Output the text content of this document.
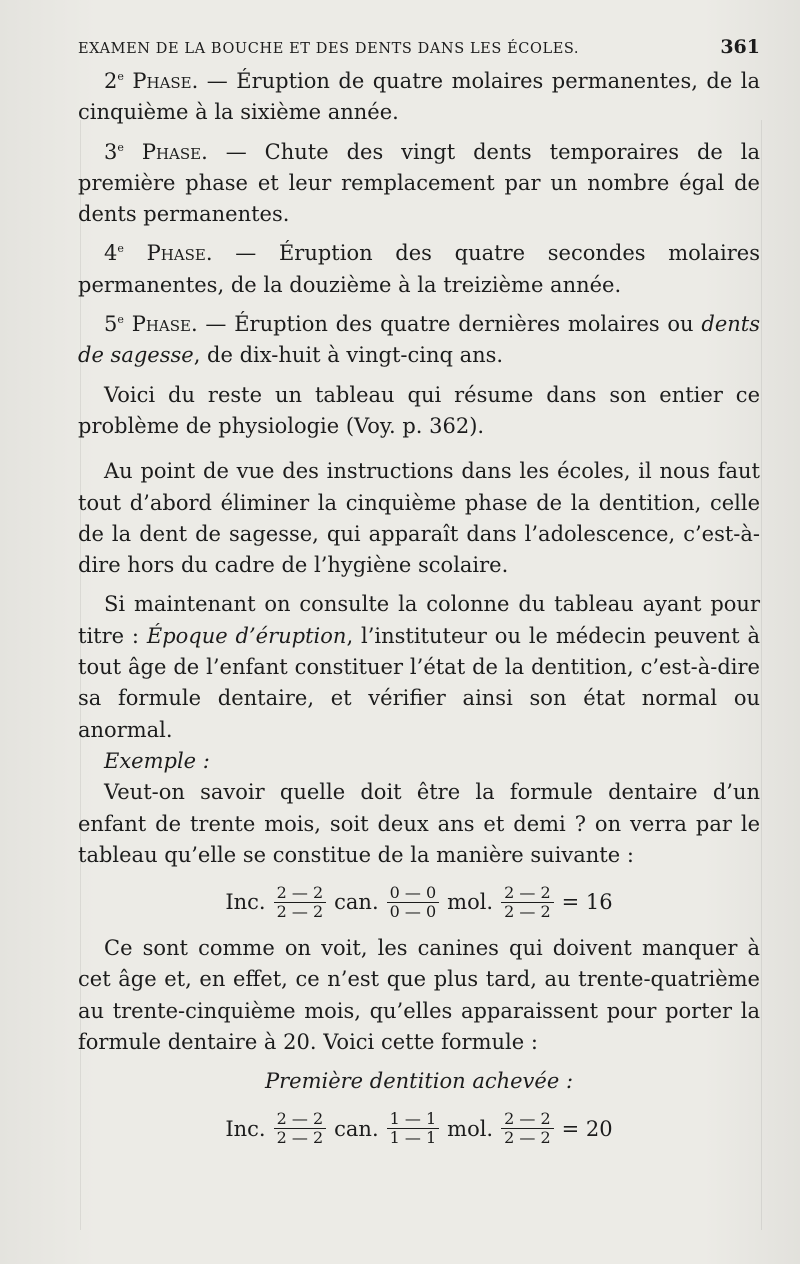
EXAMEN DE LA BOUCHE ET DES DENTS DANS LES ÉCOLES.	361

2e Phase. — Éruption de quatre molaires permanentes, de la cinquième à la sixième année.

3e Phase. — Chute des vingt dents temporaires de la première phase et leur remplacement par un nombre égal de dents permanentes.

4e Phase. — Éruption des quatre secondes molaires permanentes, de la douzième à la treizième année.

5e Phase. — Éruption des quatre dernières molaires ou dents de sagesse, de dix-huit à vingt-cinq ans.

Voici du reste un tableau qui résume dans son entier ce problème de physiologie (Voy. p. 362).

Au point de vue des instructions dans les écoles, il nous faut tout d’abord éliminer la cinquième phase de la dentition, celle de la dent de sagesse, qui apparaît dans l’adolescence, c’est-à-dire hors du cadre de l’hygiène scolaire.

Si maintenant on consulte la colonne du tableau ayant pour titre : Époque d’éruption, l’instituteur ou le médecin peuvent à tout âge de l’enfant constituer l’état de la dentition, c’est-à-dire sa formule dentaire, et vérifier ainsi son état normal ou anormal.

Exemple :

Veut-on savoir quelle doit être la formule dentaire d’un enfant de trente mois, soit deux ans et demi ? on verra par le tableau qu’elle se constitue de la manière suivante :

Inc. $\frac{2 — 2}{2 — 2}$ can. $\frac{0 — 0}{0 — 0}$ mol. $\frac{2 — 2}{2 — 2} = 16$

Ce sont comme on voit, les canines qui doivent manquer à cet âge et, en effet, ce n’est que plus tard, au trente-quatrième au trente-cinquième mois, qu’elles apparaissent pour porter la formule dentaire à 20. Voici cette formule :

Première dentition achevée :

Inc. $\frac{2 — 2}{2 — 2}$ can. $\frac{1 — 1}{1 — 1}$ mol. $\frac{2 — 2}{2 — 2} = 20$
